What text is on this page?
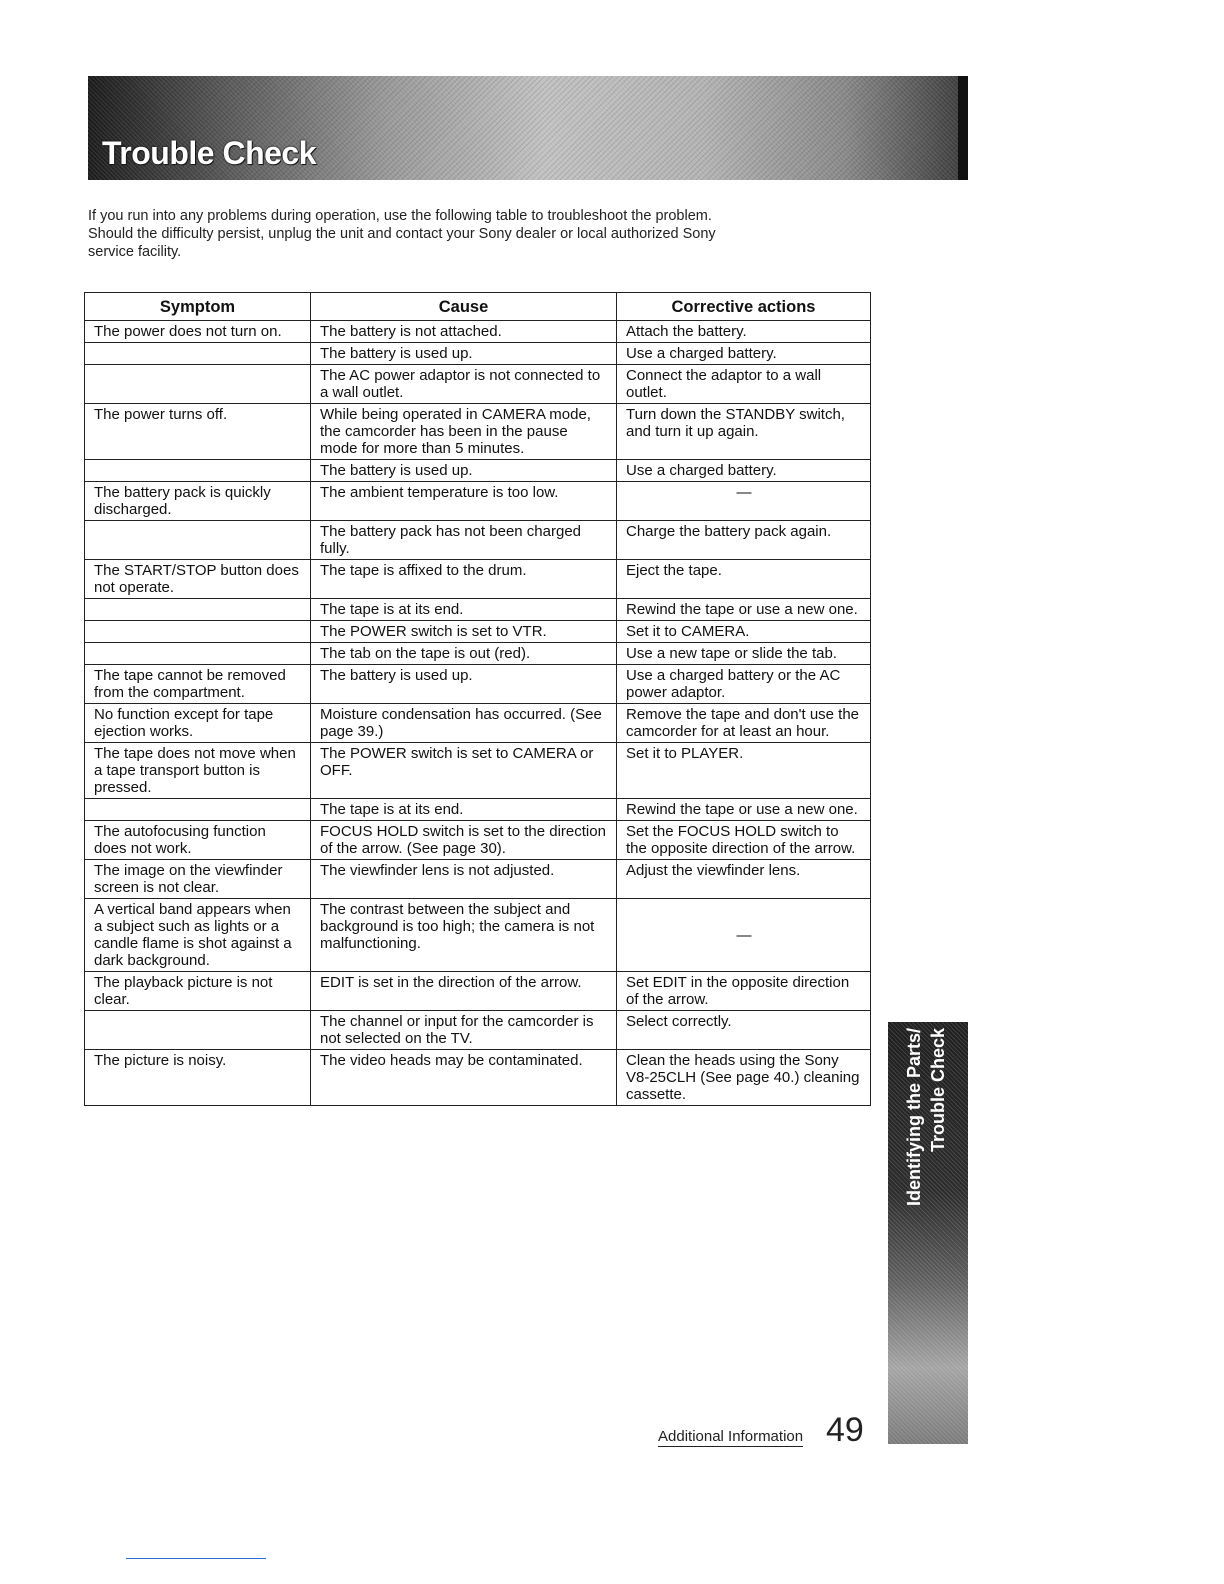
Trouble Check

If you run into any problems during operation, use the following table to troubleshoot the problem.

Should the difficulty persist, unplug the unit and contact your Sony dealer or local authorized Sony

service facility.

Symptom	Cause	Corrective actions
The power does not turn on.	The battery is not attached.	Attach the battery.
	The battery is used up.	Use a charged battery.
	The AC power adaptor is not connected to a wall outlet.	Connect the adaptor to a wall outlet.
The power turns off.	While being operated in CAMERA mode, the camcorder has been in the pause mode for more than 5 minutes.	Turn down the STANDBY switch, and turn it up again.
	The battery is used up.	Use a charged battery.
The battery pack is quickly discharged.	The ambient temperature is too low.	—
	The battery pack has not been charged fully.	Charge the battery pack again.
The START/STOP button does not operate.	The tape is affixed to the drum.	Eject the tape.
	The tape is at its end.	Rewind the tape or use a new one.
	The POWER switch is set to VTR.	Set it to CAMERA.
	The tab on the tape is out (red).	Use a new tape or slide the tab.
The tape cannot be removed from the compartment.	The battery is used up.	Use a charged battery or the AC power adaptor.
No function except for tape ejection works.	Moisture condensation has occurred. (See page 39.)	Remove the tape and don't use the camcorder for at least an hour.
The tape does not move when a tape transport button is pressed.	The POWER switch is set to CAMERA or OFF.	Set it to PLAYER.
	The tape is at its end.	Rewind the tape or use a new one.
The autofocusing function does not work.	FOCUS HOLD switch is set to the direction of the arrow. (See page 30).	Set the FOCUS HOLD switch to the opposite direction of the arrow.
The image on the viewfinder screen is not clear.	The viewfinder lens is not adjusted.	Adjust the viewfinder lens.
A vertical band appears when a subject such as lights or a candle flame is shot against a dark background.	The contrast between the subject and background is too high; the camera is not malfunctioning.	—
The playback picture is not clear.	EDIT is set in the direction of the arrow.	Set EDIT in the opposite direction of the arrow.
	The channel or input for the camcorder is not selected on the TV.	Select correctly.
The picture is noisy.	The video heads may be contaminated.	Clean the heads using the Sony V8-25CLH (See page 40.) cleaning cassette.	Identifying the Parts/ Trouble Check
Additional Information 49
